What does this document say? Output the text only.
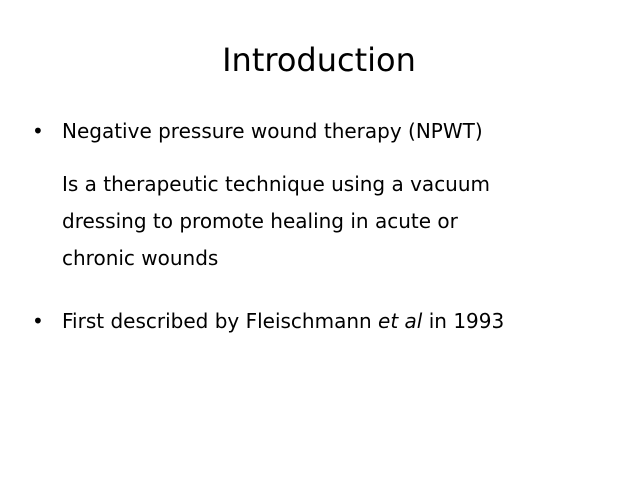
Introduction

• Negative pressure wound therapy (NPWT)

Is a therapeutic technique using a vacuum
dressing to promote healing in acute or
chronic wounds

• First described by Fleischmann et al in 1993
